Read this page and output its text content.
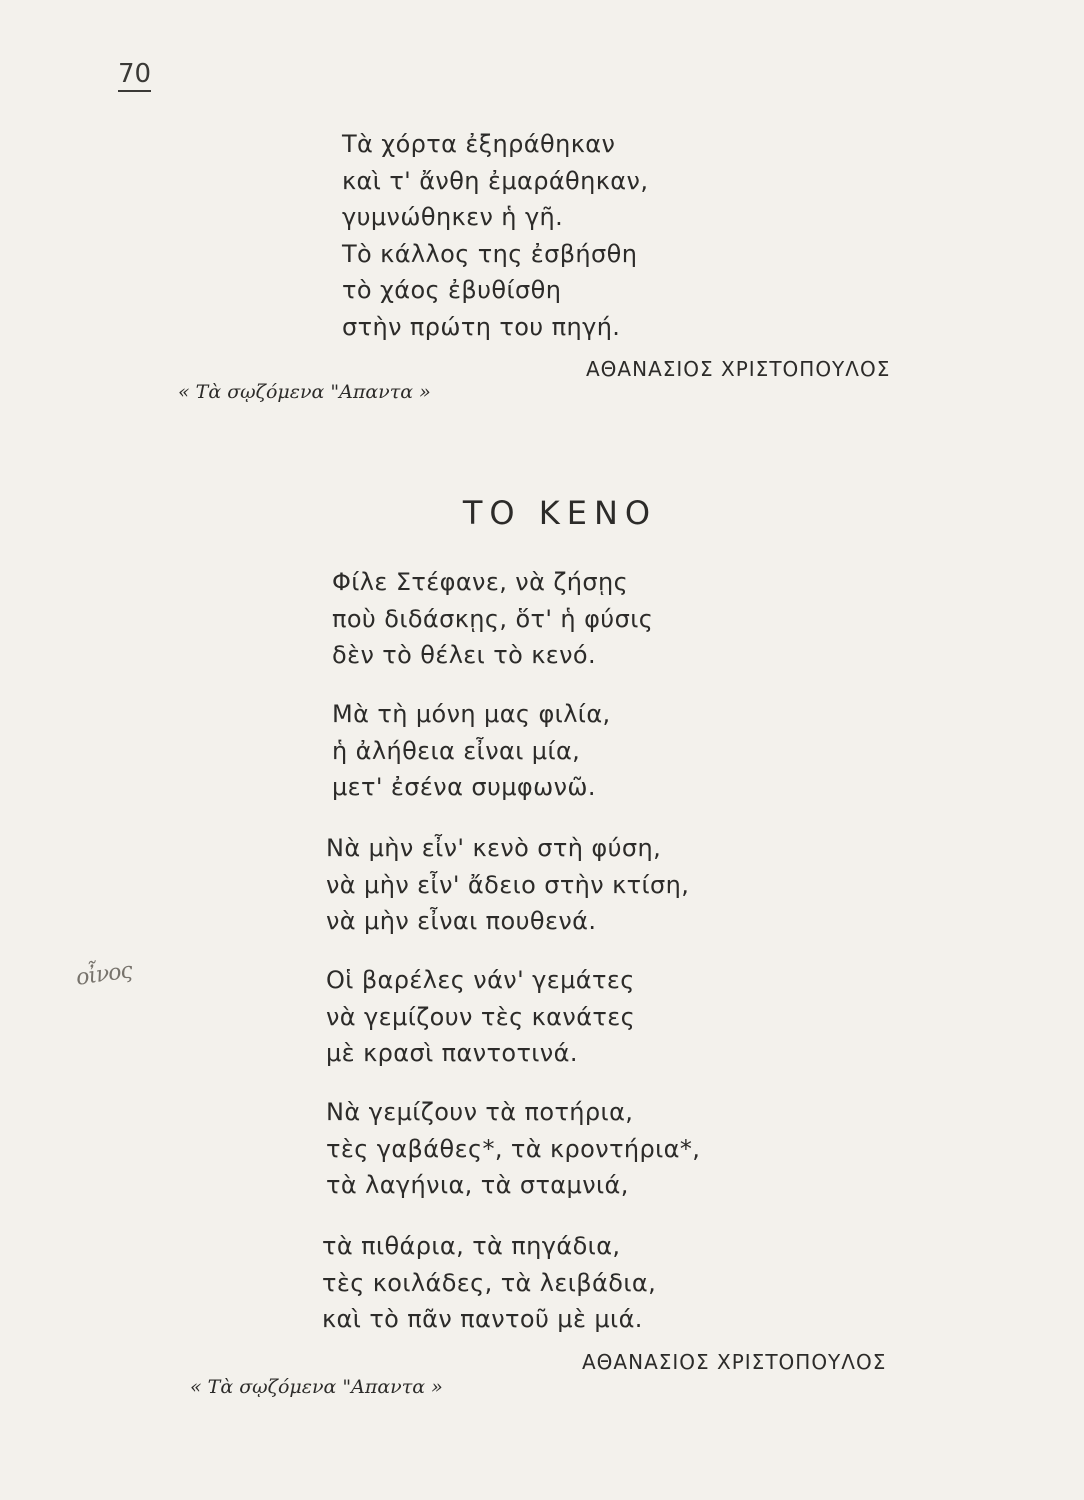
70
Τὰ χόρτα ἐξηράθηκαν
καὶ τ' ἄνθη ἐμαράθηκαν,
γυμνώθηκεν ἡ γῆ.
Τὸ κάλλος της ἐσβήσθη
τὸ χάος ἐβυθίσθη
στὴν πρώτη του πηγή.
ΑΘΑΝΑΣΙΟΣ ΧΡΙΣΤΟΠΟΥΛΟΣ
« Τὰ σῳζόμενα "Απαντα »
ΤΟ ΚΕΝΟ
Φίλε Στέφανε, νὰ ζήσῃς
ποὺ διδάσκῃς, ὅτ' ἡ φύσις
δὲν τὸ θέλει τὸ κενό.
Μὰ τὴ μόνη μας φιλία,
ἡ ἀλήθεια εἶναι μία,
μετ' ἐσένα συμφωνῶ.
Νὰ μὴν εἶν' κενὸ στὴ φύση,
νὰ μὴν εἶν' ἄδειο στὴν κτίση,
νὰ μὴν εἶναι πουθενά.
Οἱ βαρέλες νάν' γεμάτες
νὰ γεμίζουν τὲς κανάτες
μὲ κρασὶ παντοτινά.
Νὰ γεμίζουν τὰ ποτήρια,
τὲς γαβάθες*, τὰ κροντήρια*,
τὰ λαγήνια, τὰ σταμνιά,
τὰ πιθάρια, τὰ πηγάδια,
τὲς κοιλάδες, τὰ λειβάδια,
καὶ τὸ πᾶν παντοῦ μὲ μιά.
ΑΘΑΝΑΣΙΟΣ ΧΡΙΣΤΟΠΟΥΛΟΣ
« Τὰ σῳζόμενα "Απαντα »
οἶνος
